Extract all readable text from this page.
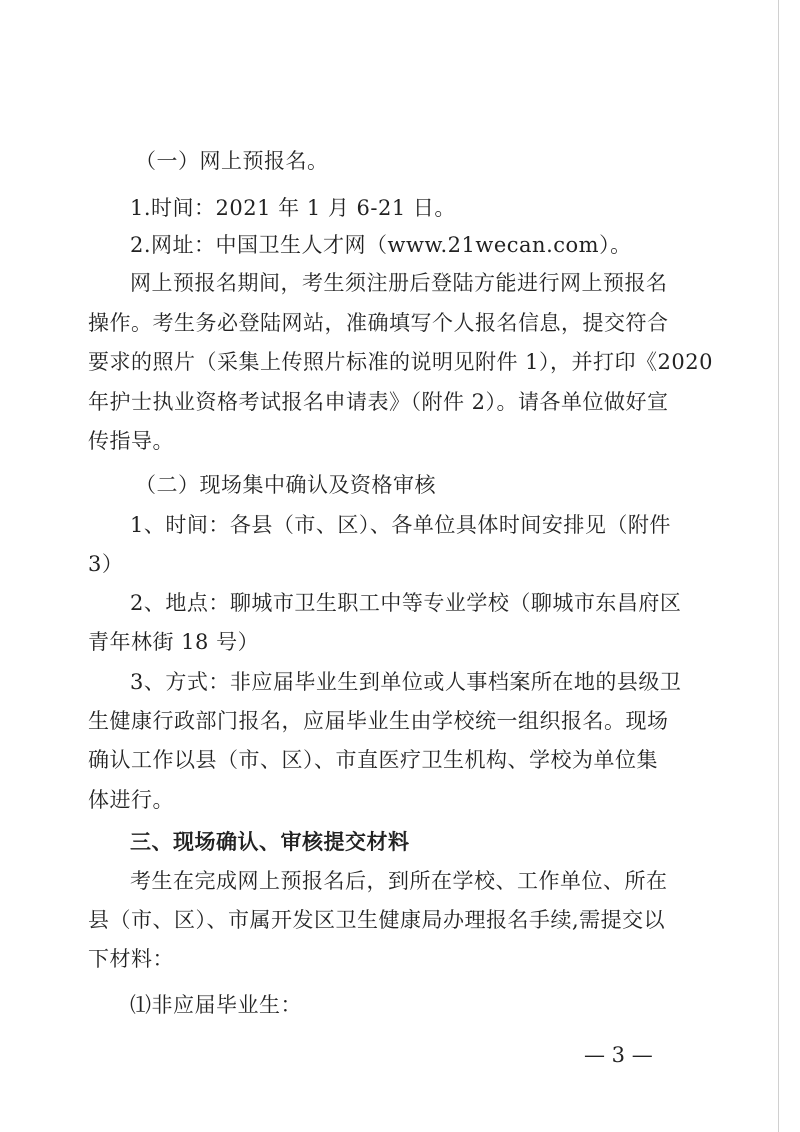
（一）网上预报名。
1.时间：2021 年 1 月 6-21 日。
2.网址：中国卫生人才网（www.21wecan.com）。
网上预报名期间，考生须注册后登陆方能进行网上预报名
操作。考生务必登陆网站，准确填写个人报名信息，提交符合
要求的照片（采集上传照片标准的说明见附件 1），并打印《2020
年护士执业资格考试报名申请表》（附件 2）。请各单位做好宣
传指导。
（二）现场集中确认及资格审核
1、时间：各县（市、区）、各单位具体时间安排见（附件
3）
2、地点：聊城市卫生职工中等专业学校（聊城市东昌府区
青年林街 18 号）
3、方式：非应届毕业生到单位或人事档案所在地的县级卫
生健康行政部门报名，应届毕业生由学校统一组织报名。现场
确认工作以县（市、区）、市直医疗卫生机构、学校为单位集
体进行。
三、现场确认、审核提交材料
考生在完成网上预报名后，到所在学校、工作单位、所在
县（市、区）、市属开发区卫生健康局办理报名手续,需提交以
下材料：
⑴非应届毕业生：
— 3 —
